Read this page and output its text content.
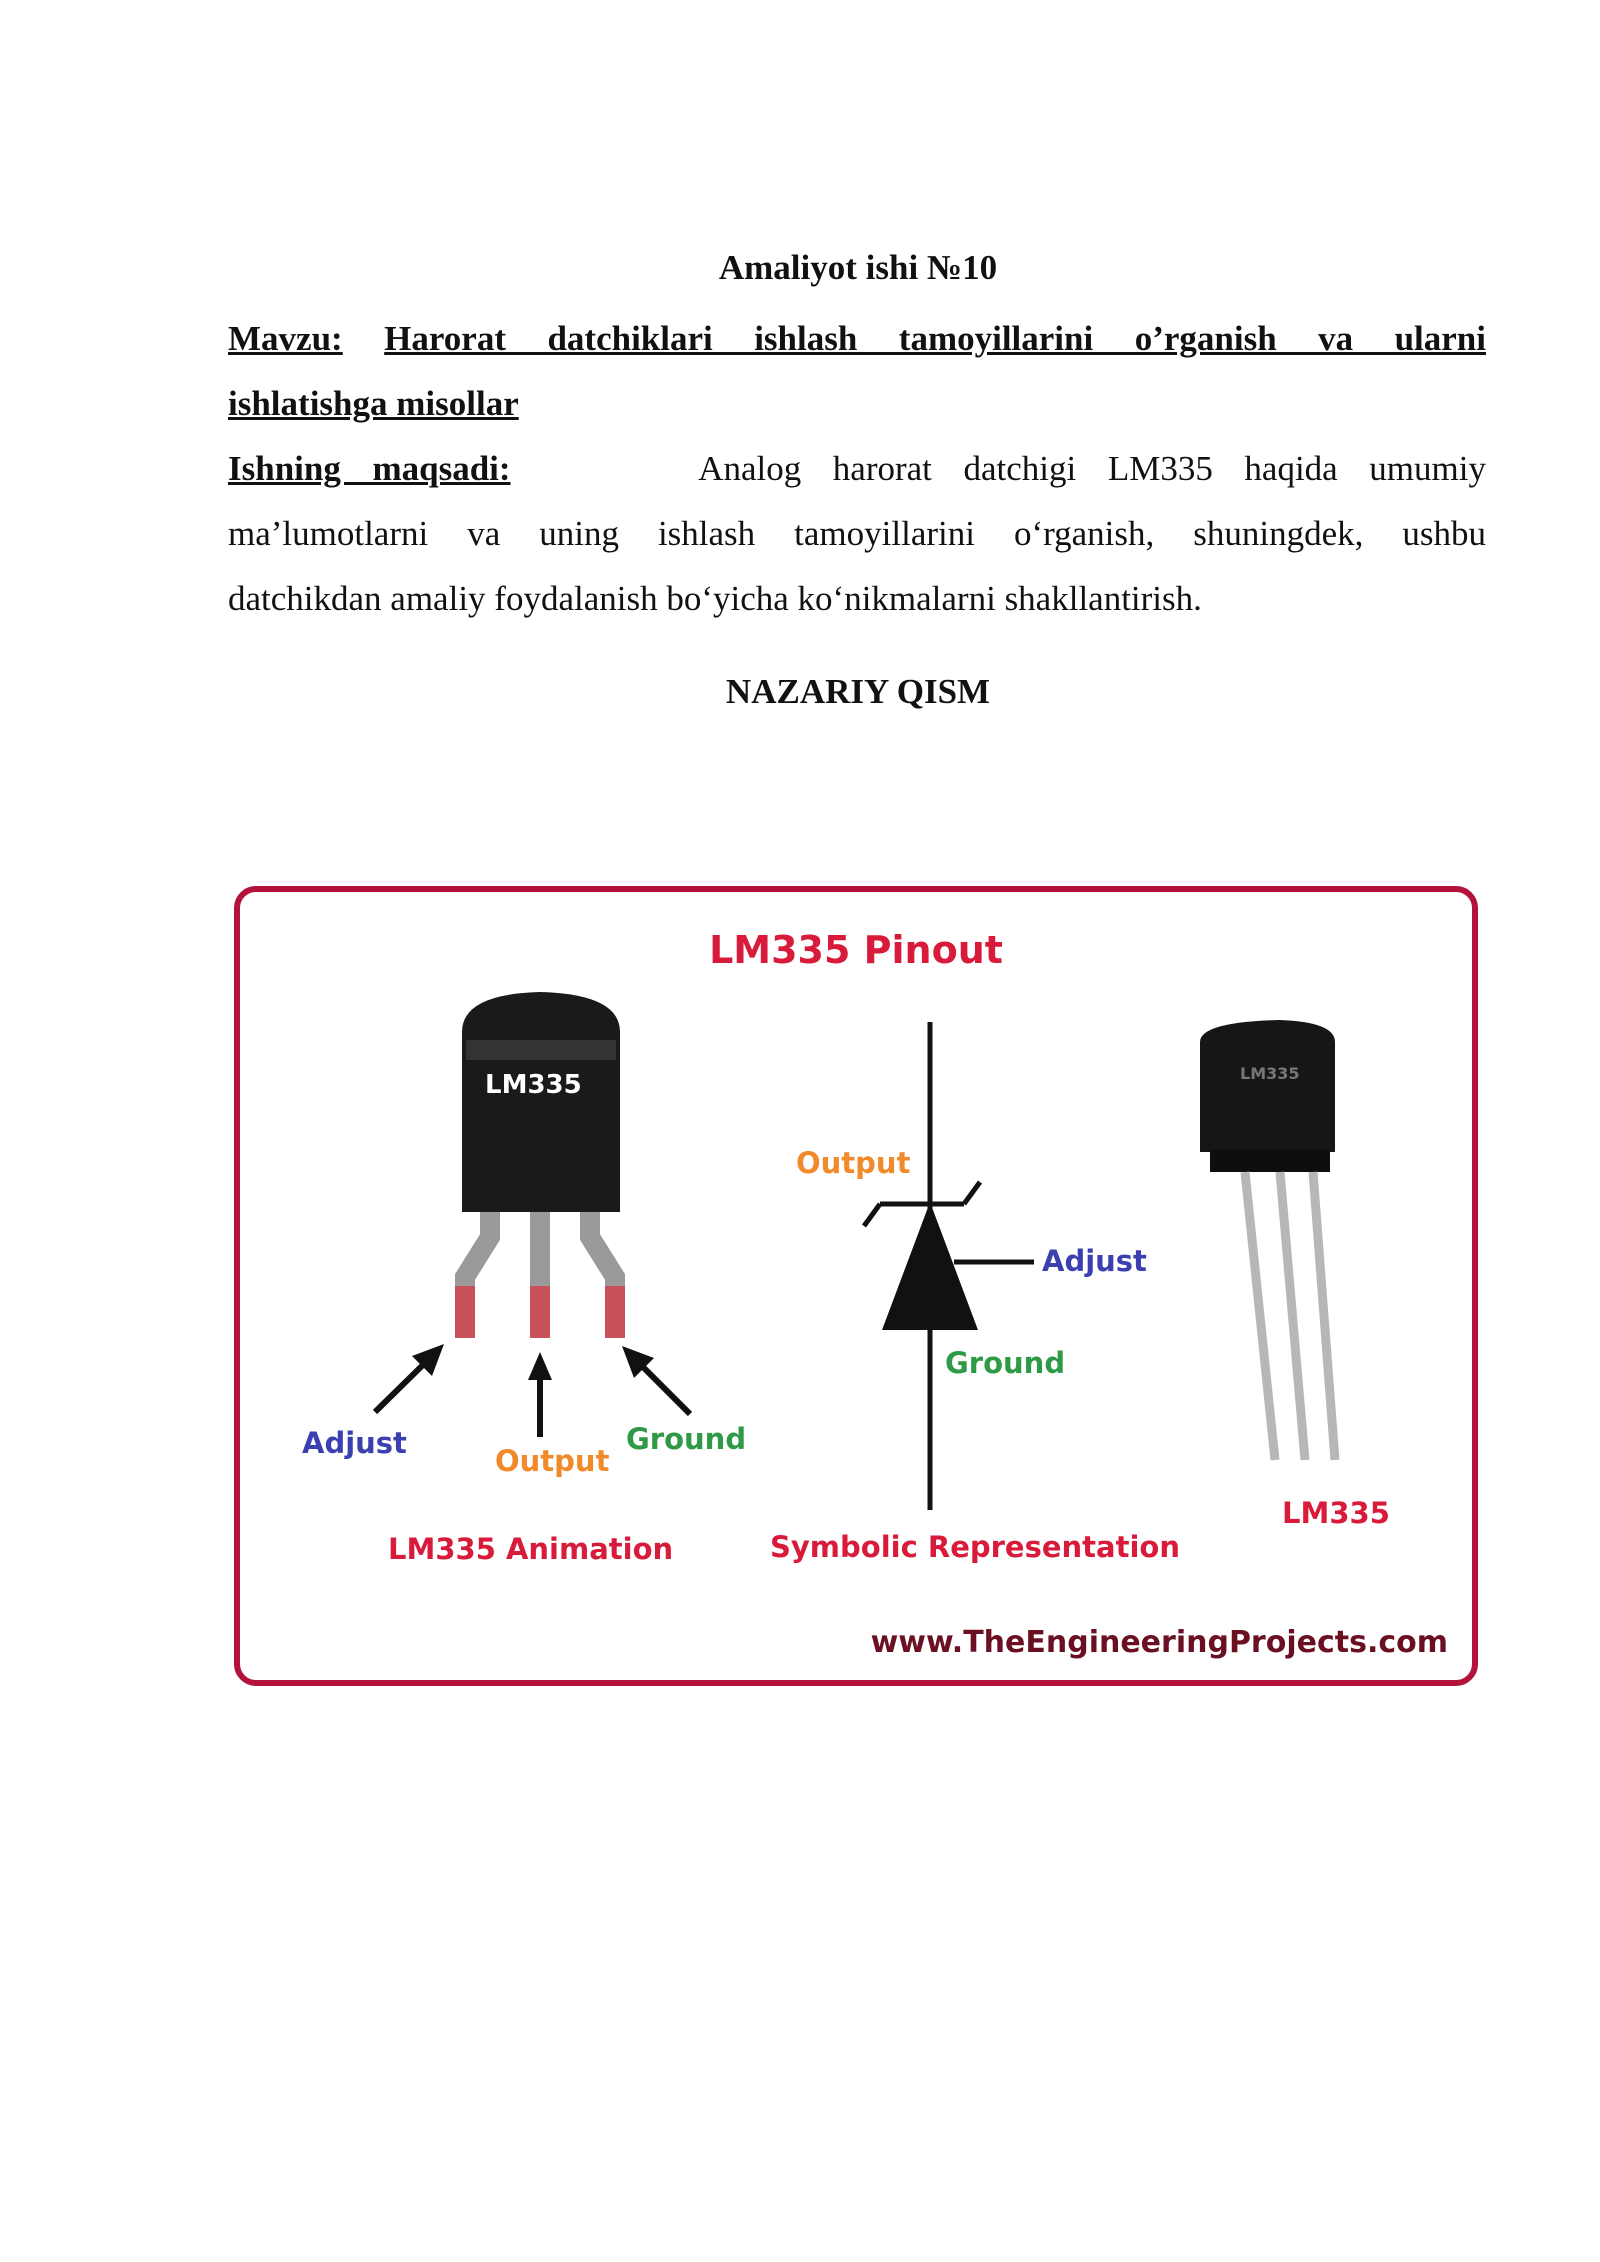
Amaliyot ishi №10
Mavzu: Harorat datchiklari ishlash tamoyillarini o’rganish va ularni
ishlatishga misollar
Ishning maqsadi:	Analog harorat datchigi LM335 haqida umumiy
ma’lumotlarni va uning ishlash tamoyillarini o‘rganish, shuningdek, ushbu
datchikdan amaliy foydalanish bo‘yicha ko‘nikmalarni shakllantirish.
NAZARIY QISM
LM335 Pinout
LM335	LM335
Adjust
Output
Ground
LM335 Animation
Output
Adjust
Ground
Symbolic Representation
LM335
www.TheEngineeringProjects.com
